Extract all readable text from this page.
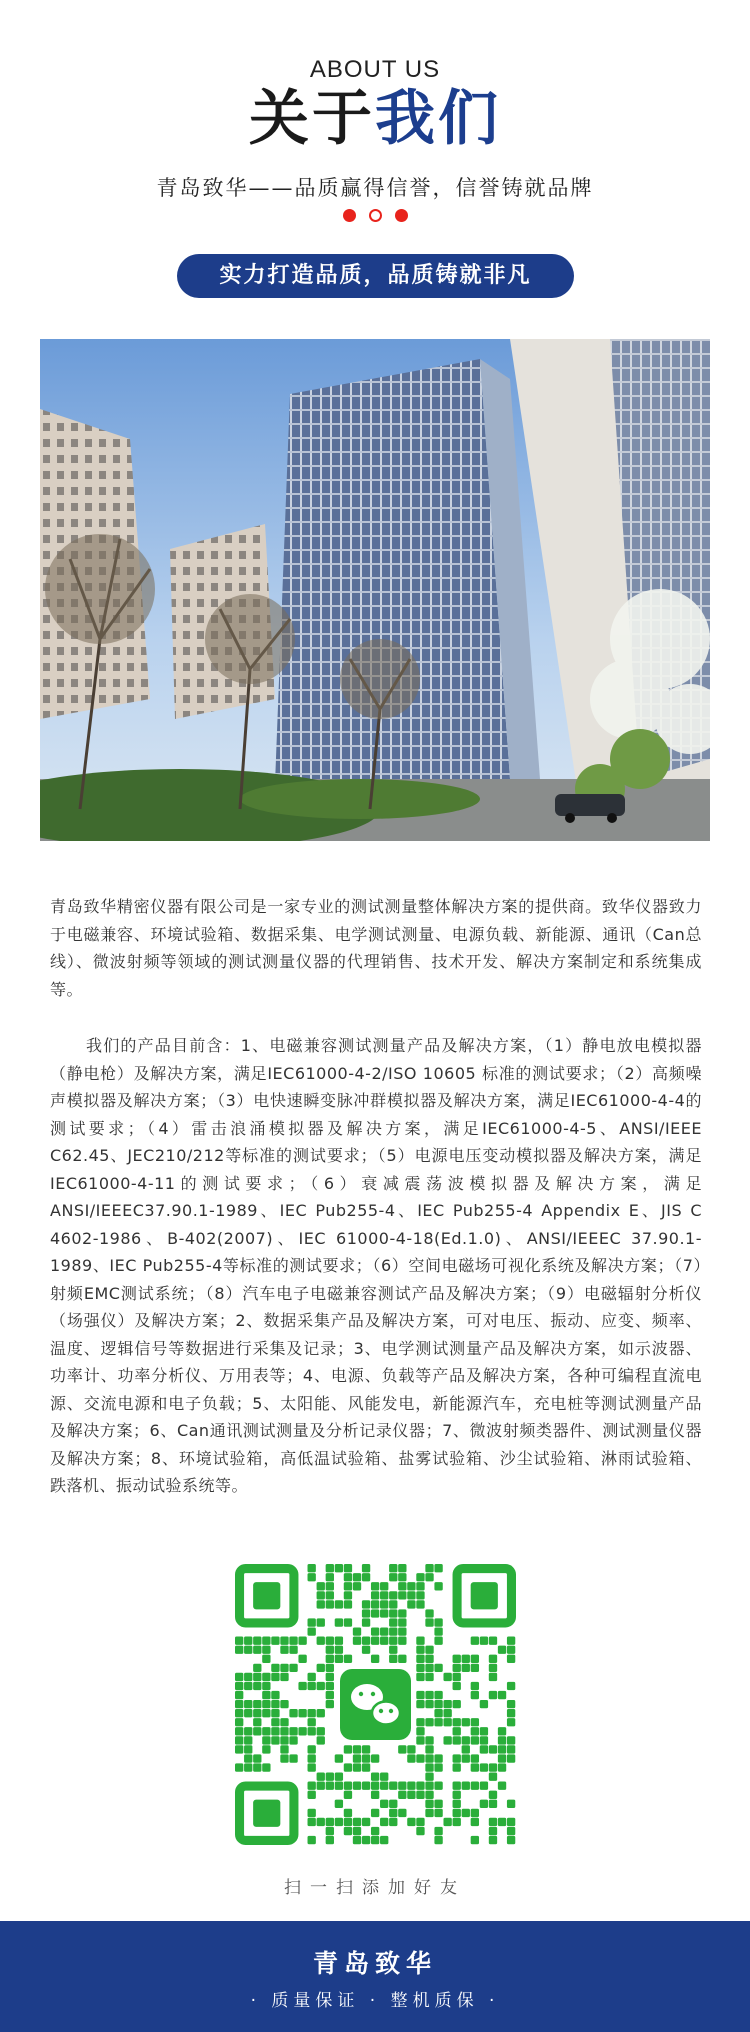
ABOUT US
关于我们
青岛致华——品质赢得信誉，信誉铸就品牌
实力打造品质，品质铸就非凡

青岛致华精密仪器有限公司是一家专业的测试测量整体解决方案的提供商。致华仪器致力于电磁兼容、环境试验箱、数据采集、电学测试测量、电源负载、新能源、通讯（Can总线）、微波射频等领域的测试测量仪器的代理销售、技术开发、解决方案制定和系统集成等。

我们的产品目前含：1、电磁兼容测试测量产品及解决方案，（1）静电放电模拟器（静电枪）及解决方案，满足IEC61000-4-2/ISO 10605 标准的测试要求；（2）高频噪声模拟器及解决方案；（3）电快速瞬变脉冲群模拟器及解决方案，满足IEC61000-4-4的测试要求；（4）雷击浪涌模拟器及解决方案，满足IEC61000-4-5、ANSI/IEEE C62.45、JEC210/212等标准的测试要求；（5）电源电压变动模拟器及解决方案，满足IEC61000-4-11的测试要求；（6）衰减震荡波模拟器及解决方案，满足ANSI/IEEEC37.90.1-1989、IEC Pub255-4、IEC Pub255-4 Appendix E、JIS C 4602-1986、B-402(2007)、IEC 61000-4-18(Ed.1.0)、ANSI/IEEEC 37.90.1-1989、IEC Pub255-4等标准的测试要求；（6）空间电磁场可视化系统及解决方案；（7）射频EMC测试系统；（8）汽车电子电磁兼容测试产品及解决方案；（9）电磁辐射分析仪（场强仪）及解决方案；2、数据采集产品及解决方案，可对电压、振动、应变、频率、温度、逻辑信号等数据进行采集及记录；3、电学测试测量产品及解决方案，如示波器、功率计、功率分析仪、万用表等；4、电源、负载等产品及解决方案，各种可编程直流电源、交流电源和电子负载；5、太阳能、风能发电，新能源汽车，充电桩等测试测量产品及解决方案；6、Can通讯测试测量及分析记录仪器；7、微波射频类器件、测试测量仪器及解决方案；8、环境试验箱，高低温试验箱、盐雾试验箱、沙尘试验箱、淋雨试验箱、跌落机、振动试验系统等。

扫一扫添加好友
青岛致华
· 质量保证 · 整机质保 ·
